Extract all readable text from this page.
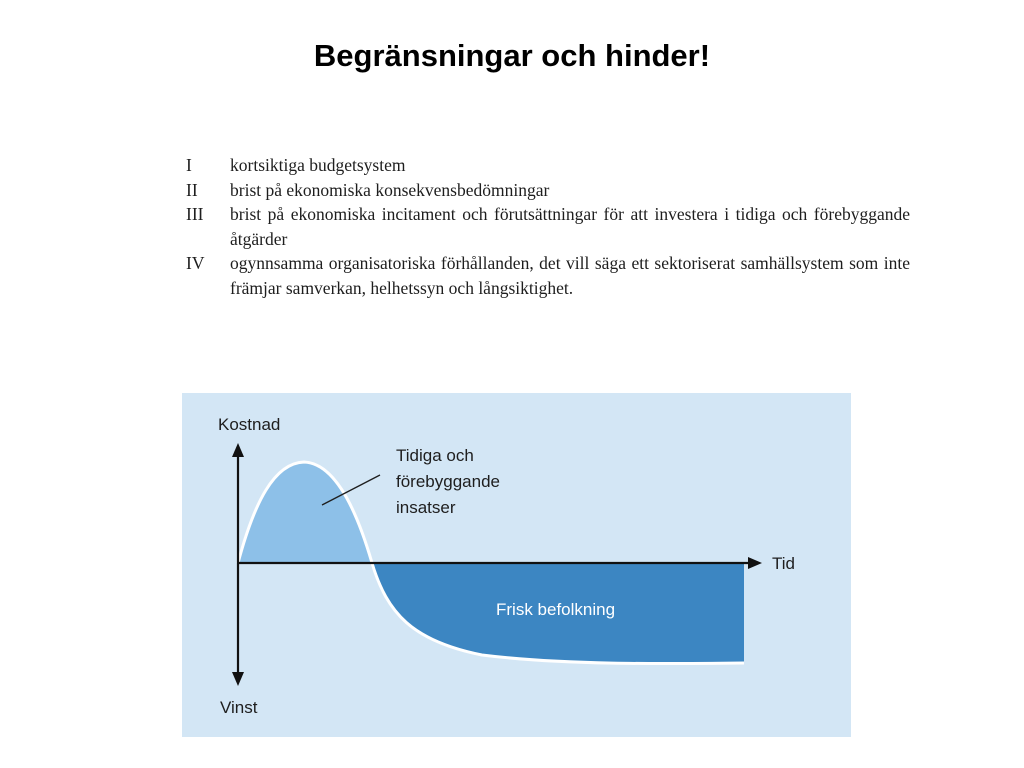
Begränsningar och hinder!
I	kortsiktiga budgetsystem
II	brist på ekonomiska konsekvensbedömningar
III	brist på ekonomiska incitament och förutsättningar för att investera i tidiga och förebyggande åtgärder
IV	ogynnsamma organisatoriska förhållanden, det vill säga ett sektoriserat samhällsystem som inte främjar samverkan, helhetssyn och långsiktighet.
Kostnad
Vinst
Tid
Tidiga och
förebyggande
insatser
Frisk befolkning
